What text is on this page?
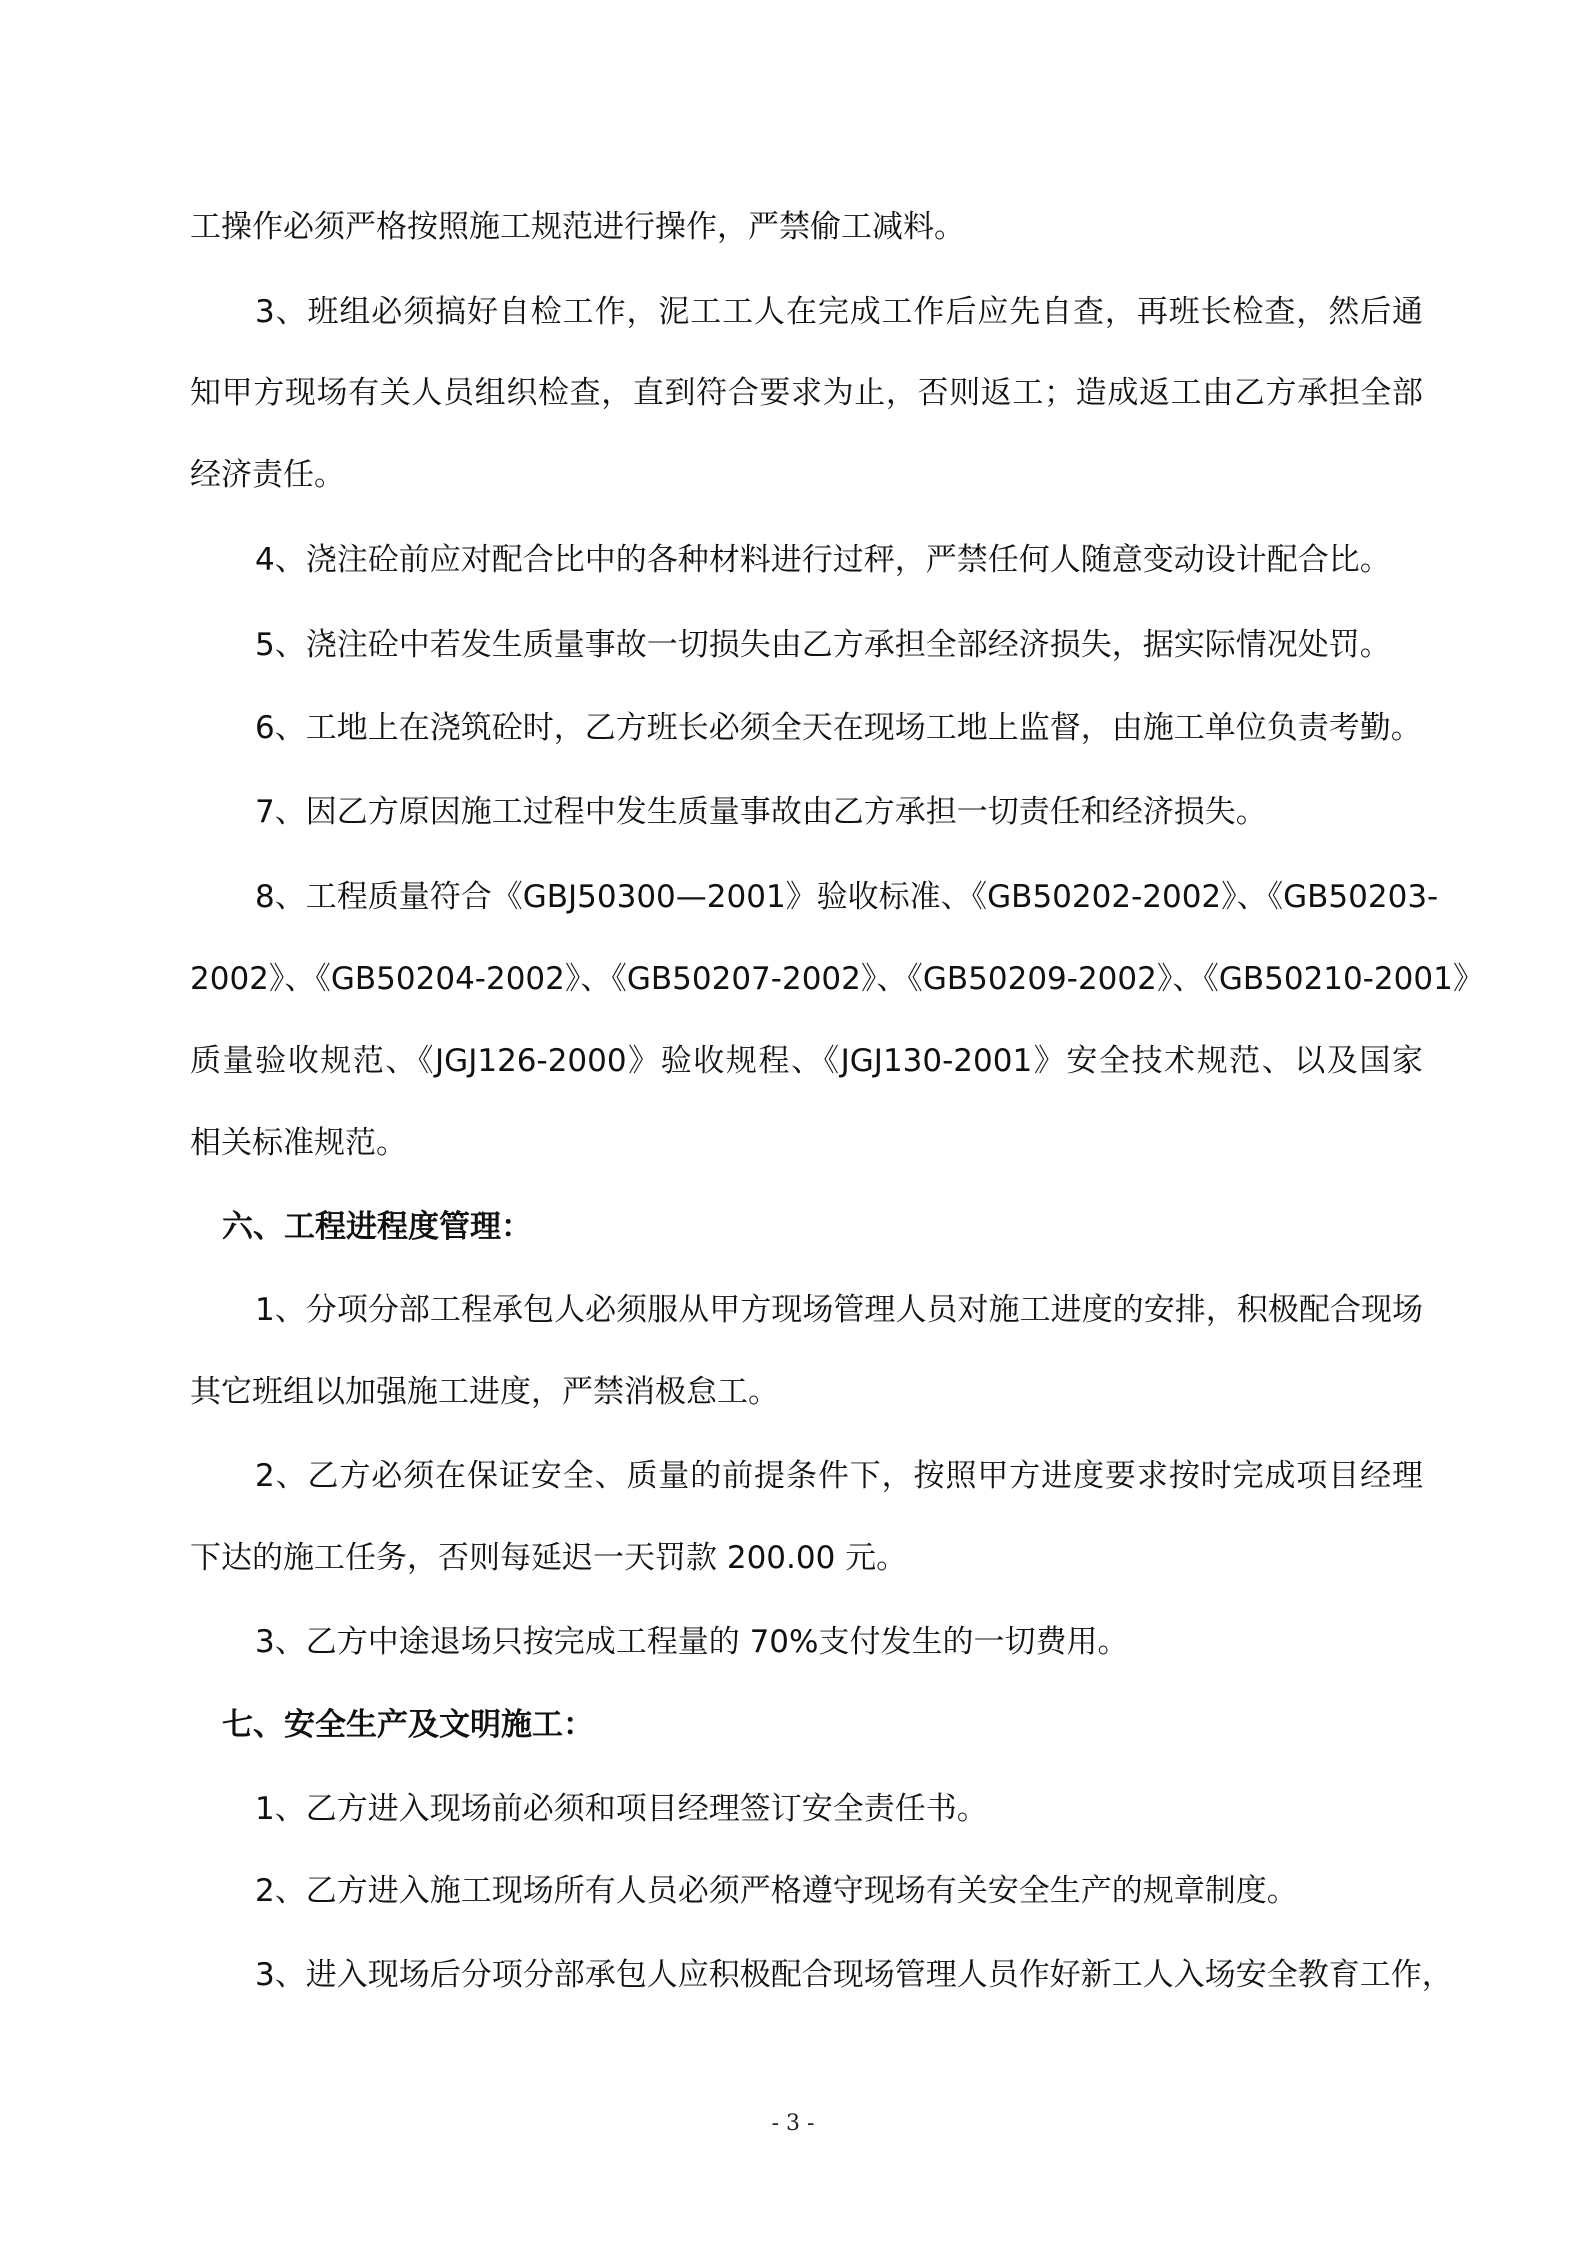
工操作必须严格按照施工规范进行操作，严禁偷工减料。
3、班组必须搞好自检工作，泥工工人在完成工作后应先自查，再班长检查，然后通
知甲方现场有关人员组织检查，直到符合要求为止，否则返工；造成返工由乙方承担全部
经济责任。
4、浇注砼前应对配合比中的各种材料进行过秤，严禁任何人随意变动设计配合比。
5、浇注砼中若发生质量事故一切损失由乙方承担全部经济损失，据实际情况处罚。
6、工地上在浇筑砼时，乙方班长必须全天在现场工地上监督，由施工单位负责考勤。
7、因乙方原因施工过程中发生质量事故由乙方承担一切责任和经济损失。
8、工程质量符合《GBJ50300—2001》验收标准、《GB50202-2002》、《GB50203-
2002》、《GB50204-2002》、《GB50207-2002》、《GB50209-2002》、《GB50210-2001》
质量验收规范、《JGJ126-2000》验收规程、《JGJ130-2001》安全技术规范、以及国家
相关标准规范。
六、工程进程度管理：
1、分项分部工程承包人必须服从甲方现场管理人员对施工进度的安排，积极配合现场
其它班组以加强施工进度，严禁消极怠工。
2、乙方必须在保证安全、质量的前提条件下，按照甲方进度要求按时完成项目经理
下达的施工任务，否则每延迟一天罚款 200.00 元。
3、乙方中途退场只按完成工程量的 70%支付发生的一切费用。
七、安全生产及文明施工：
1、乙方进入现场前必须和项目经理签订安全责任书。
2、乙方进入施工现场所有人员必须严格遵守现场有关安全生产的规章制度。
3、进入现场后分项分部承包人应积极配合现场管理人员作好新工人入场安全教育工作，
- 3 -
